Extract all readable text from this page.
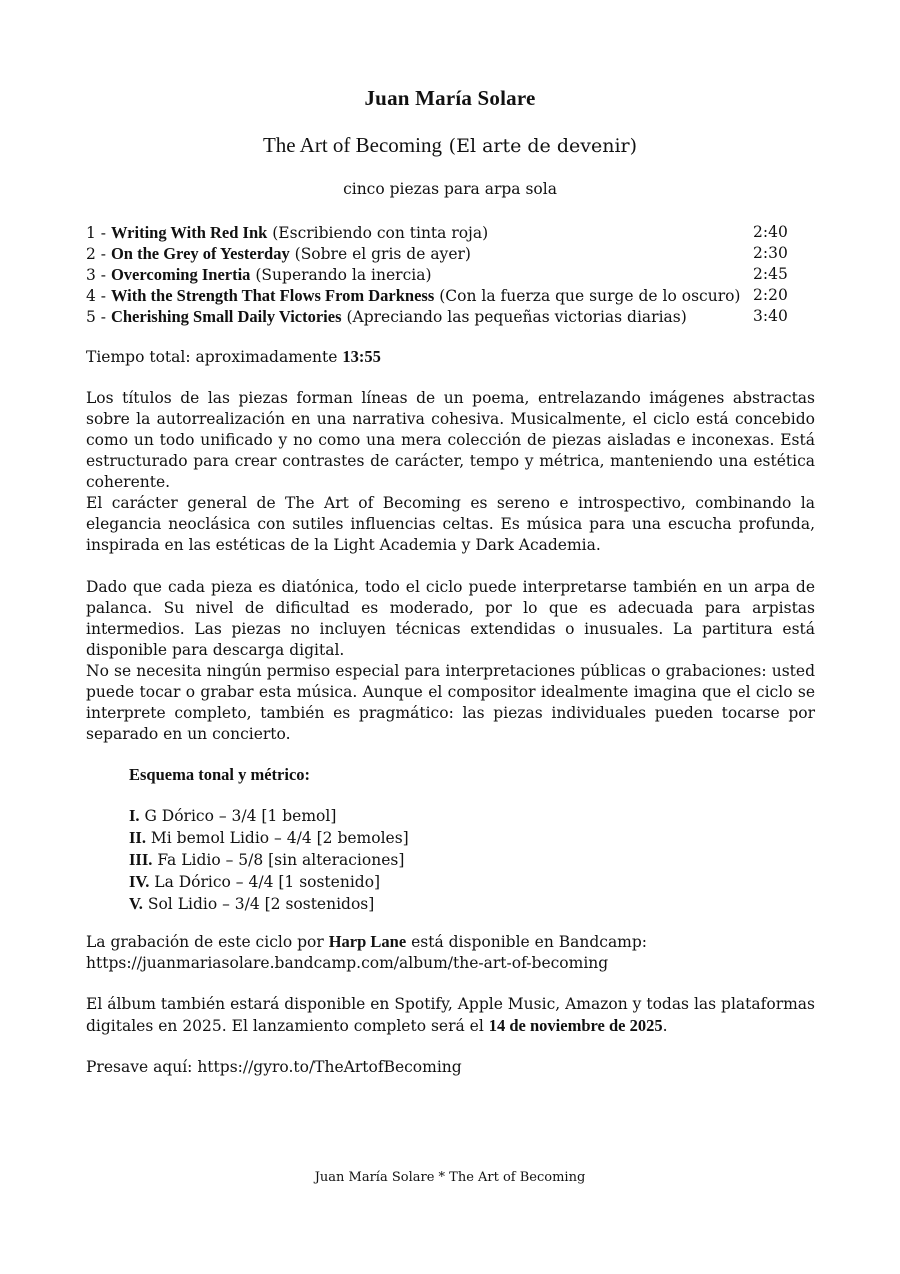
Juan María Solare
The Art of Becoming (El arte de devenir)
cinco piezas para arpa sola
1 - Writing With Red Ink (Escribiendo con tinta roja)	2:40
2 - On the Grey of Yesterday (Sobre el gris de ayer)	2:30
3 - Overcoming Inertia (Superando la inercia)	2:45
4 - With the Strength That Flows From Darkness (Con la fuerza que surge de lo oscuro) 2:20
5 - Cherishing Small Daily Victories (Apreciando las pequeñas victorias diarias)	3:40
Tiempo total: aproximadamente 13:55

Los títulos de las piezas forman líneas de un poema, entrelazando imágenes abstractas sobre la autorrealización en una narrativa cohesiva. Musicalmente, el ciclo está concebido como un todo unificado y no como una mera colección de piezas aisladas e inconexas. Está estructurado para crear contrastes de carácter, tempo y métrica, manteniendo una estética coherente.

El carácter general de The Art of Becoming es sereno e introspectivo, combinando la elegancia neoclásica con sutiles influencias celtas. Es música para una escucha profunda, inspirada en las estéticas de la Light Academia y Dark Academia.

Dado que cada pieza es diatónica, todo el ciclo puede interpretarse también en un arpa de palanca. Su nivel de dificultad es moderado, por lo que es adecuada para arpistas intermedios. Las piezas no incluyen técnicas extendidas o inusuales. La partitura está disponible para descarga digital.

No se necesita ningún permiso especial para interpretaciones públicas o grabaciones: usted puede tocar o grabar esta música. Aunque el compositor idealmente imagina que el ciclo se interprete completo, también es pragmático: las piezas individuales pueden tocarse por separado en un concierto.

Esquema tonal y métrico:
I. G Dórico – 3/4 [1 bemol]
II. Mi bemol Lidio – 4/4 [2 bemoles]
III. Fa Lidio – 5/8 [sin alteraciones]
IV. La Dórico – 4/4 [1 sostenido]
V. Sol Lidio – 3/4 [2 sostenidos]
La grabación de este ciclo por Harp Lane está disponible en Bandcamp:
https://juanmariasolare.bandcamp.com/album/the-art-of-becoming

El álbum también estará disponible en Spotify, Apple Music, Amazon y todas las plataformas digitales en 2025. El lanzamiento completo será el 14 de noviembre de 2025.

Presave aquí: https://gyro.to/TheArtofBecoming
Juan María Solare * The Art of Becoming
